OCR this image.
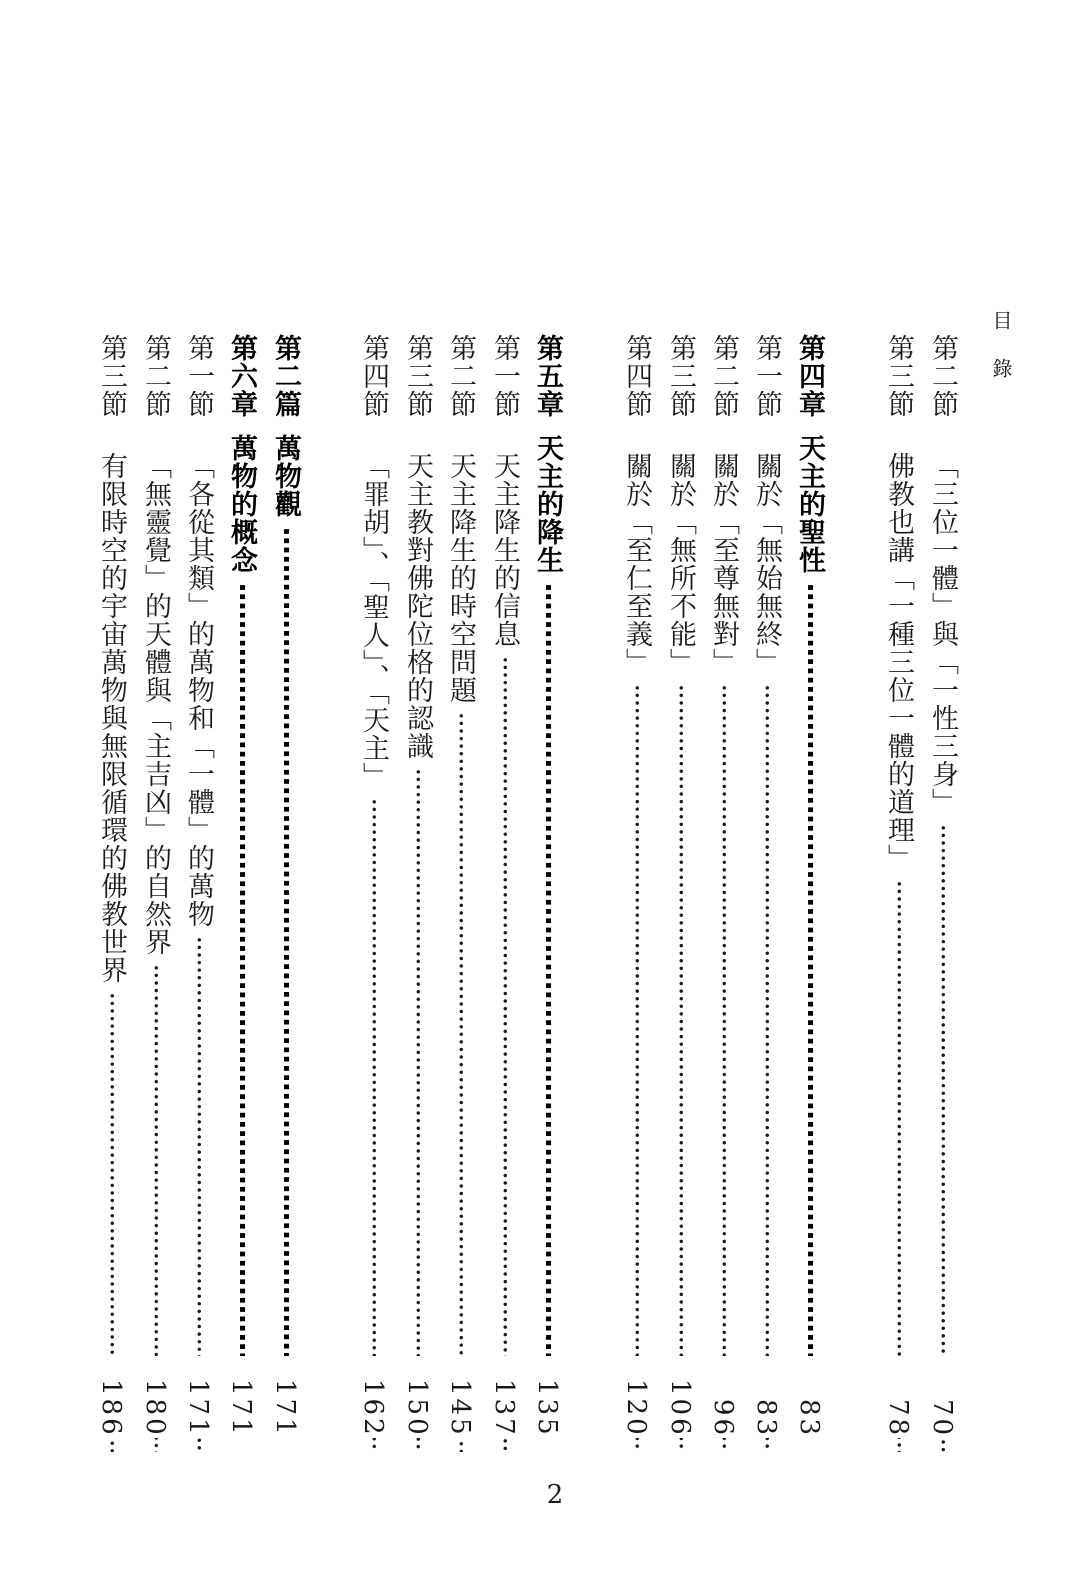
目錄
第二節
「三位一體」與「一性三身」 ·····
70
第三節
佛教也講「一種三位一體的道理」 ·····
78
第四章
天主的聖性 ·····
83
第一節
關於「無始無終」 ·····
83
第二節
關於「至尊無對」 ·····
96
第三節
關於「無所不能」 ·····
106
第四節
關於「至仁至義」 ·····
120
第五章
天主的降生 ·····
135
第一節
天主降生的信息 ·····
137
第二節
天主降生的時空問題 ·····
145
第三節
天主教對佛陀位格的認識 ·····
150
第四節
「罪胡」、「聖人」、「天主」 ·····
162
第二篇
萬物觀 ·····
171
第六章
萬物的概念 ·····
171
第一節
「各從其類」的萬物和「一體」的萬物 ·····
171
第二節
「無靈覺」的天體與「主吉凶」的自然界 ·····
180
第三節
有限時空的宇宙萬物與無限循環的佛教世界 ·····
186
2
